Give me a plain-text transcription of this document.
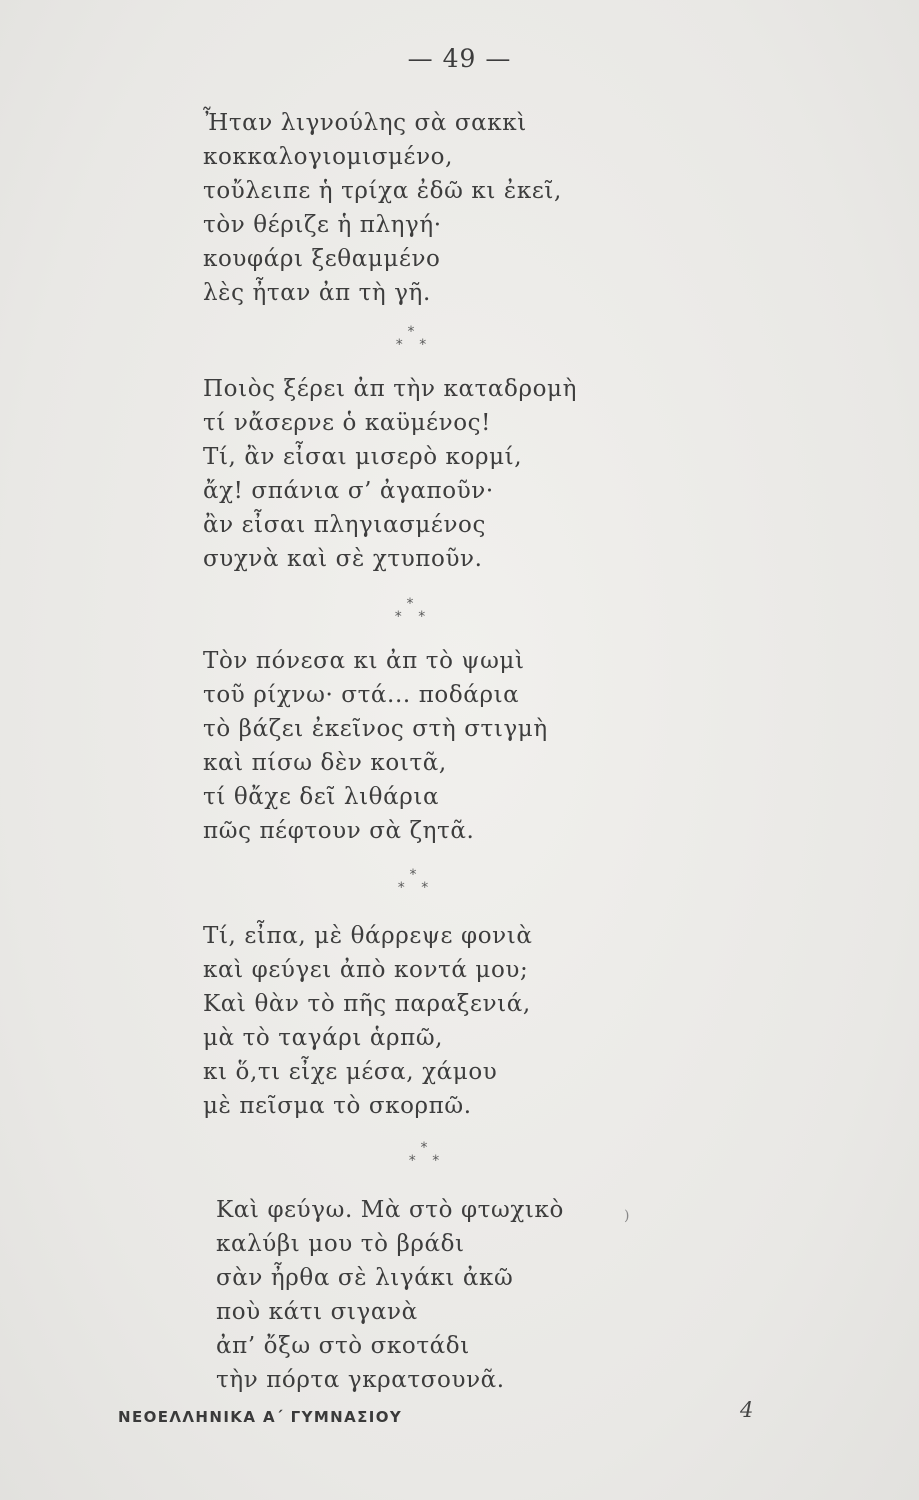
— 49 —
Ἦταν λιγνούλης σὰ σακκὶ
κοκκαλογιομισμένο,
τοὔλειπε ἡ τρίχα ἐδῶ κι ἐκεῖ,
τὸν θέριζε ἡ πληγή·
κουφάρι ξεθαμμένο
λὲς ἦταν ἀπ τὴ γῆ.
*
* *
Ποιὸς ξέρει ἀπ τὴν καταδρομὴ
τί νἄσερνε ὁ καϋμένος!
Τί, ἂν εἶσαι μισερὸ κορμί,
ἄχ! σπάνια σ’ ἀγαποῦν·
ἂν εἶσαι πληγιασμένος
συχνὰ καὶ σὲ χτυποῦν.
*
* *
Τὸν πόνεσα κι ἀπ τὸ ψωμὶ
τοῦ ρίχνω· στά... ποδάρια
τὸ βάζει ἐκεῖνος στὴ στιγμὴ
καὶ πίσω δὲν κοιτᾶ,
τί θἄχε δεῖ λιθάρια
πῶς πέφτουν σὰ ζητᾶ.
*
* *
Τί, εἶπα, μὲ θάρρεψε φονιὰ
καὶ φεύγει ἀπὸ κοντά μου;
Καὶ θὰν τὸ πῆς παραξενιά,
μὰ τὸ ταγάρι ἁρπῶ,
κι ὅ,τι εἶχε μέσα, χάμου
μὲ πεῖσμα τὸ σκορπῶ.
*
* *
Καὶ φεύγω. Μὰ στὸ φτωχικὸ
καλύβι μου τὸ βράδι
σὰν ἦρθα σὲ λιγάκι ἀκῶ
ποὺ κάτι σιγανὰ
ἀπ’ ὄξω στὸ σκοτάδι
τὴν πόρτα γκρατσουνᾶ.
)
ΝΕΟΕΛΛΗΝΙΚΑ Α΄ ΓΥΜΝΑΣΙΟΥ	4
